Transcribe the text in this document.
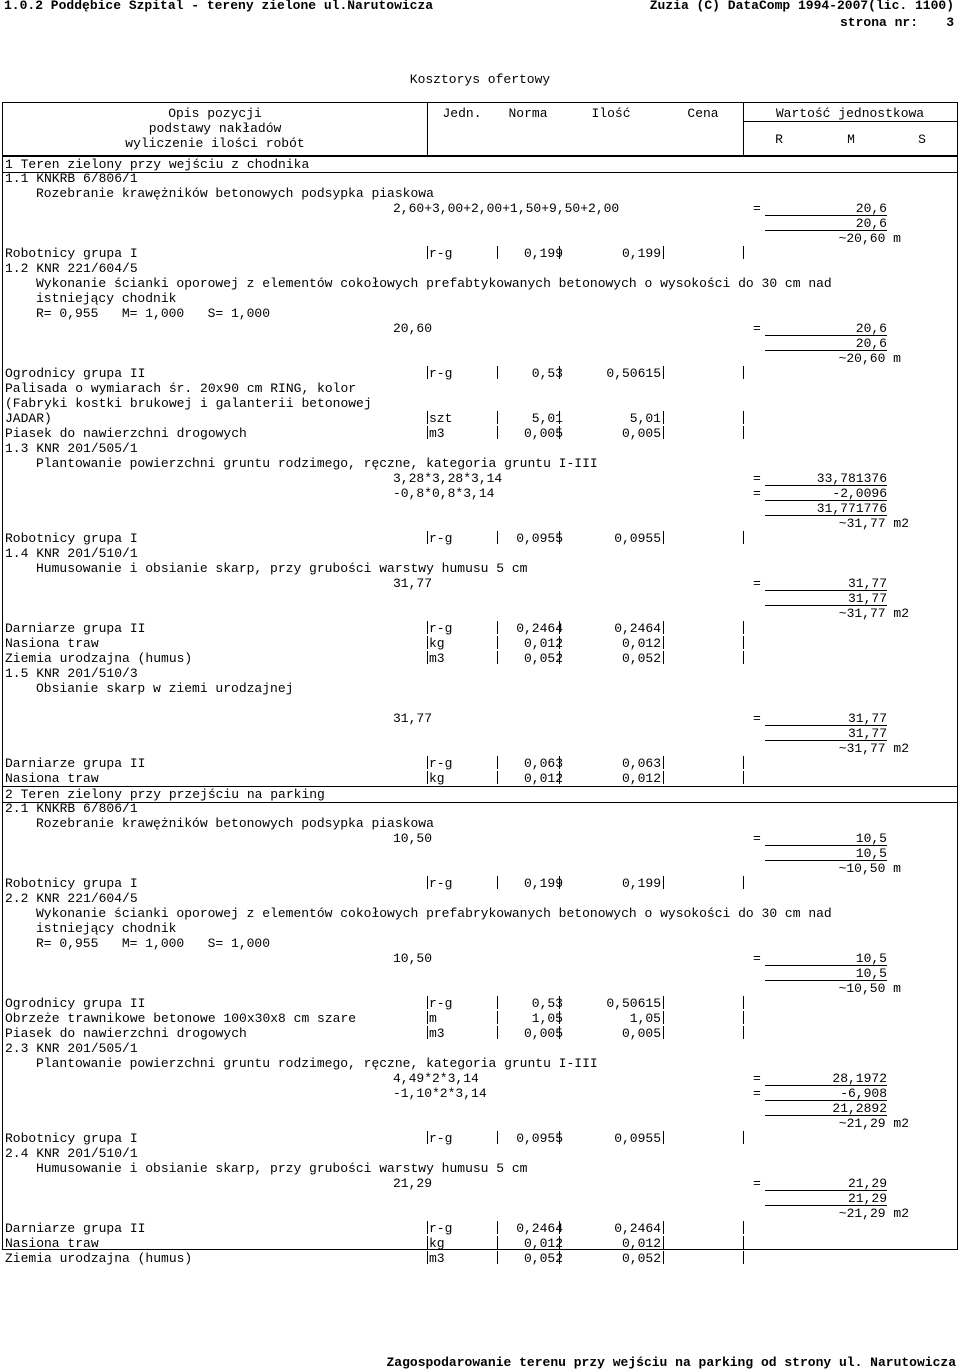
1.0.2 Poddębice Szpital - tereny zielone ul.Narutowicza	Zuzia (C) DataComp 1994-2007(lic. 1100)
strona nr: 3
Kosztorys ofertowy
Opis pozycji
podstawy nakładów
wyliczenie ilości robót
Jedn.	Norma	Ilość	Cena	Wartość jednostkowa
R	M	S
1 Teren zielony przy wejściu z chodnika
1.1 KNKRB 6/806/1
Rozebranie krawężników betonowych podsypka piaskowa
2,60+3,00+2,00+1,50+9,50+2,00	=	20,6
20,6
~20,60 m
Robotnicy grupa I	r-g	0,199	0,199
1.2 KNR 221/604/5
Wykonanie ścianki oporowej z elementów cokołowych prefabtykowanych betonowych o wysokości do 30 cm nad
istniejący chodnik
R= 0,955   M= 1,000   S= 1,000
20,60	=	20,6
20,6
~20,60 m
Ogrodnicy grupa II	r-g	0,53	0,50615
Palisada o wymiarach śr. 20x90 cm RING, kolor
(Fabryki kostki brukowej i galanterii betonowej
JADAR)	szt	5,01	5,01
Piasek do nawierzchni drogowych	m3	0,005	0,005
1.3 KNR 201/505/1
Plantowanie powierzchni gruntu rodzimego, ręczne, kategoria gruntu I-III
3,28*3,28*3,14	=	33,781376
-0,8*0,8*3,14	=	-2,0096
31,771776
~31,77 m2
Robotnicy grupa I	r-g	0,0955	0,0955
1.4 KNR 201/510/1
Humusowanie i obsianie skarp, przy grubości warstwy humusu 5 cm
31,77	=	31,77
31,77
~31,77 m2
Darniarze grupa II	r-g	0,2464	0,2464
Nasiona traw	kg	0,012	0,012
Ziemia urodzajna (humus)	m3	0,052	0,052
1.5 KNR 201/510/3
Obsianie skarp w ziemi urodzajnej
31,77	=	31,77
31,77
~31,77 m2
Darniarze grupa II	r-g	0,063	0,063
Nasiona traw	kg	0,012	0,012
2 Teren zielony przy przejściu na parking
2.1 KNKRB 6/806/1
Rozebranie krawężników betonowych podsypka piaskowa
10,50	=	10,5
10,5
~10,50 m
Robotnicy grupa I	r-g	0,199	0,199
2.2 KNR 221/604/5
Wykonanie ścianki oporowej z elementów cokołowych prefabrykowanych betonowych o wysokości do 30 cm nad
istniejący chodnik
R= 0,955   M= 1,000   S= 1,000
10,50	=	10,5
10,5
~10,50 m
Ogrodnicy grupa II	r-g	0,53	0,50615
Obrzeże trawnikowe betonowe 100x30x8 cm szare	m	1,05	1,05
Piasek do nawierzchni drogowych	m3	0,005	0,005
2.3 KNR 201/505/1
Plantowanie powierzchni gruntu rodzimego, ręczne, kategoria gruntu I-III
4,49*2*3,14	=	28,1972
-1,10*2*3,14	=	-6,908
21,2892
~21,29 m2
Robotnicy grupa I	r-g	0,0955	0,0955
2.4 KNR 201/510/1
Humusowanie i obsianie skarp, przy grubości warstwy humusu 5 cm
21,29	=	21,29
21,29
~21,29 m2
Darniarze grupa II	r-g	0,2464	0,2464
Nasiona traw	kg	0,012	0,012
Ziemia urodzajna (humus)	m3	0,052	0,052
Zagospodarowanie terenu przy wejściu na parking od strony ul. Narutowicza
